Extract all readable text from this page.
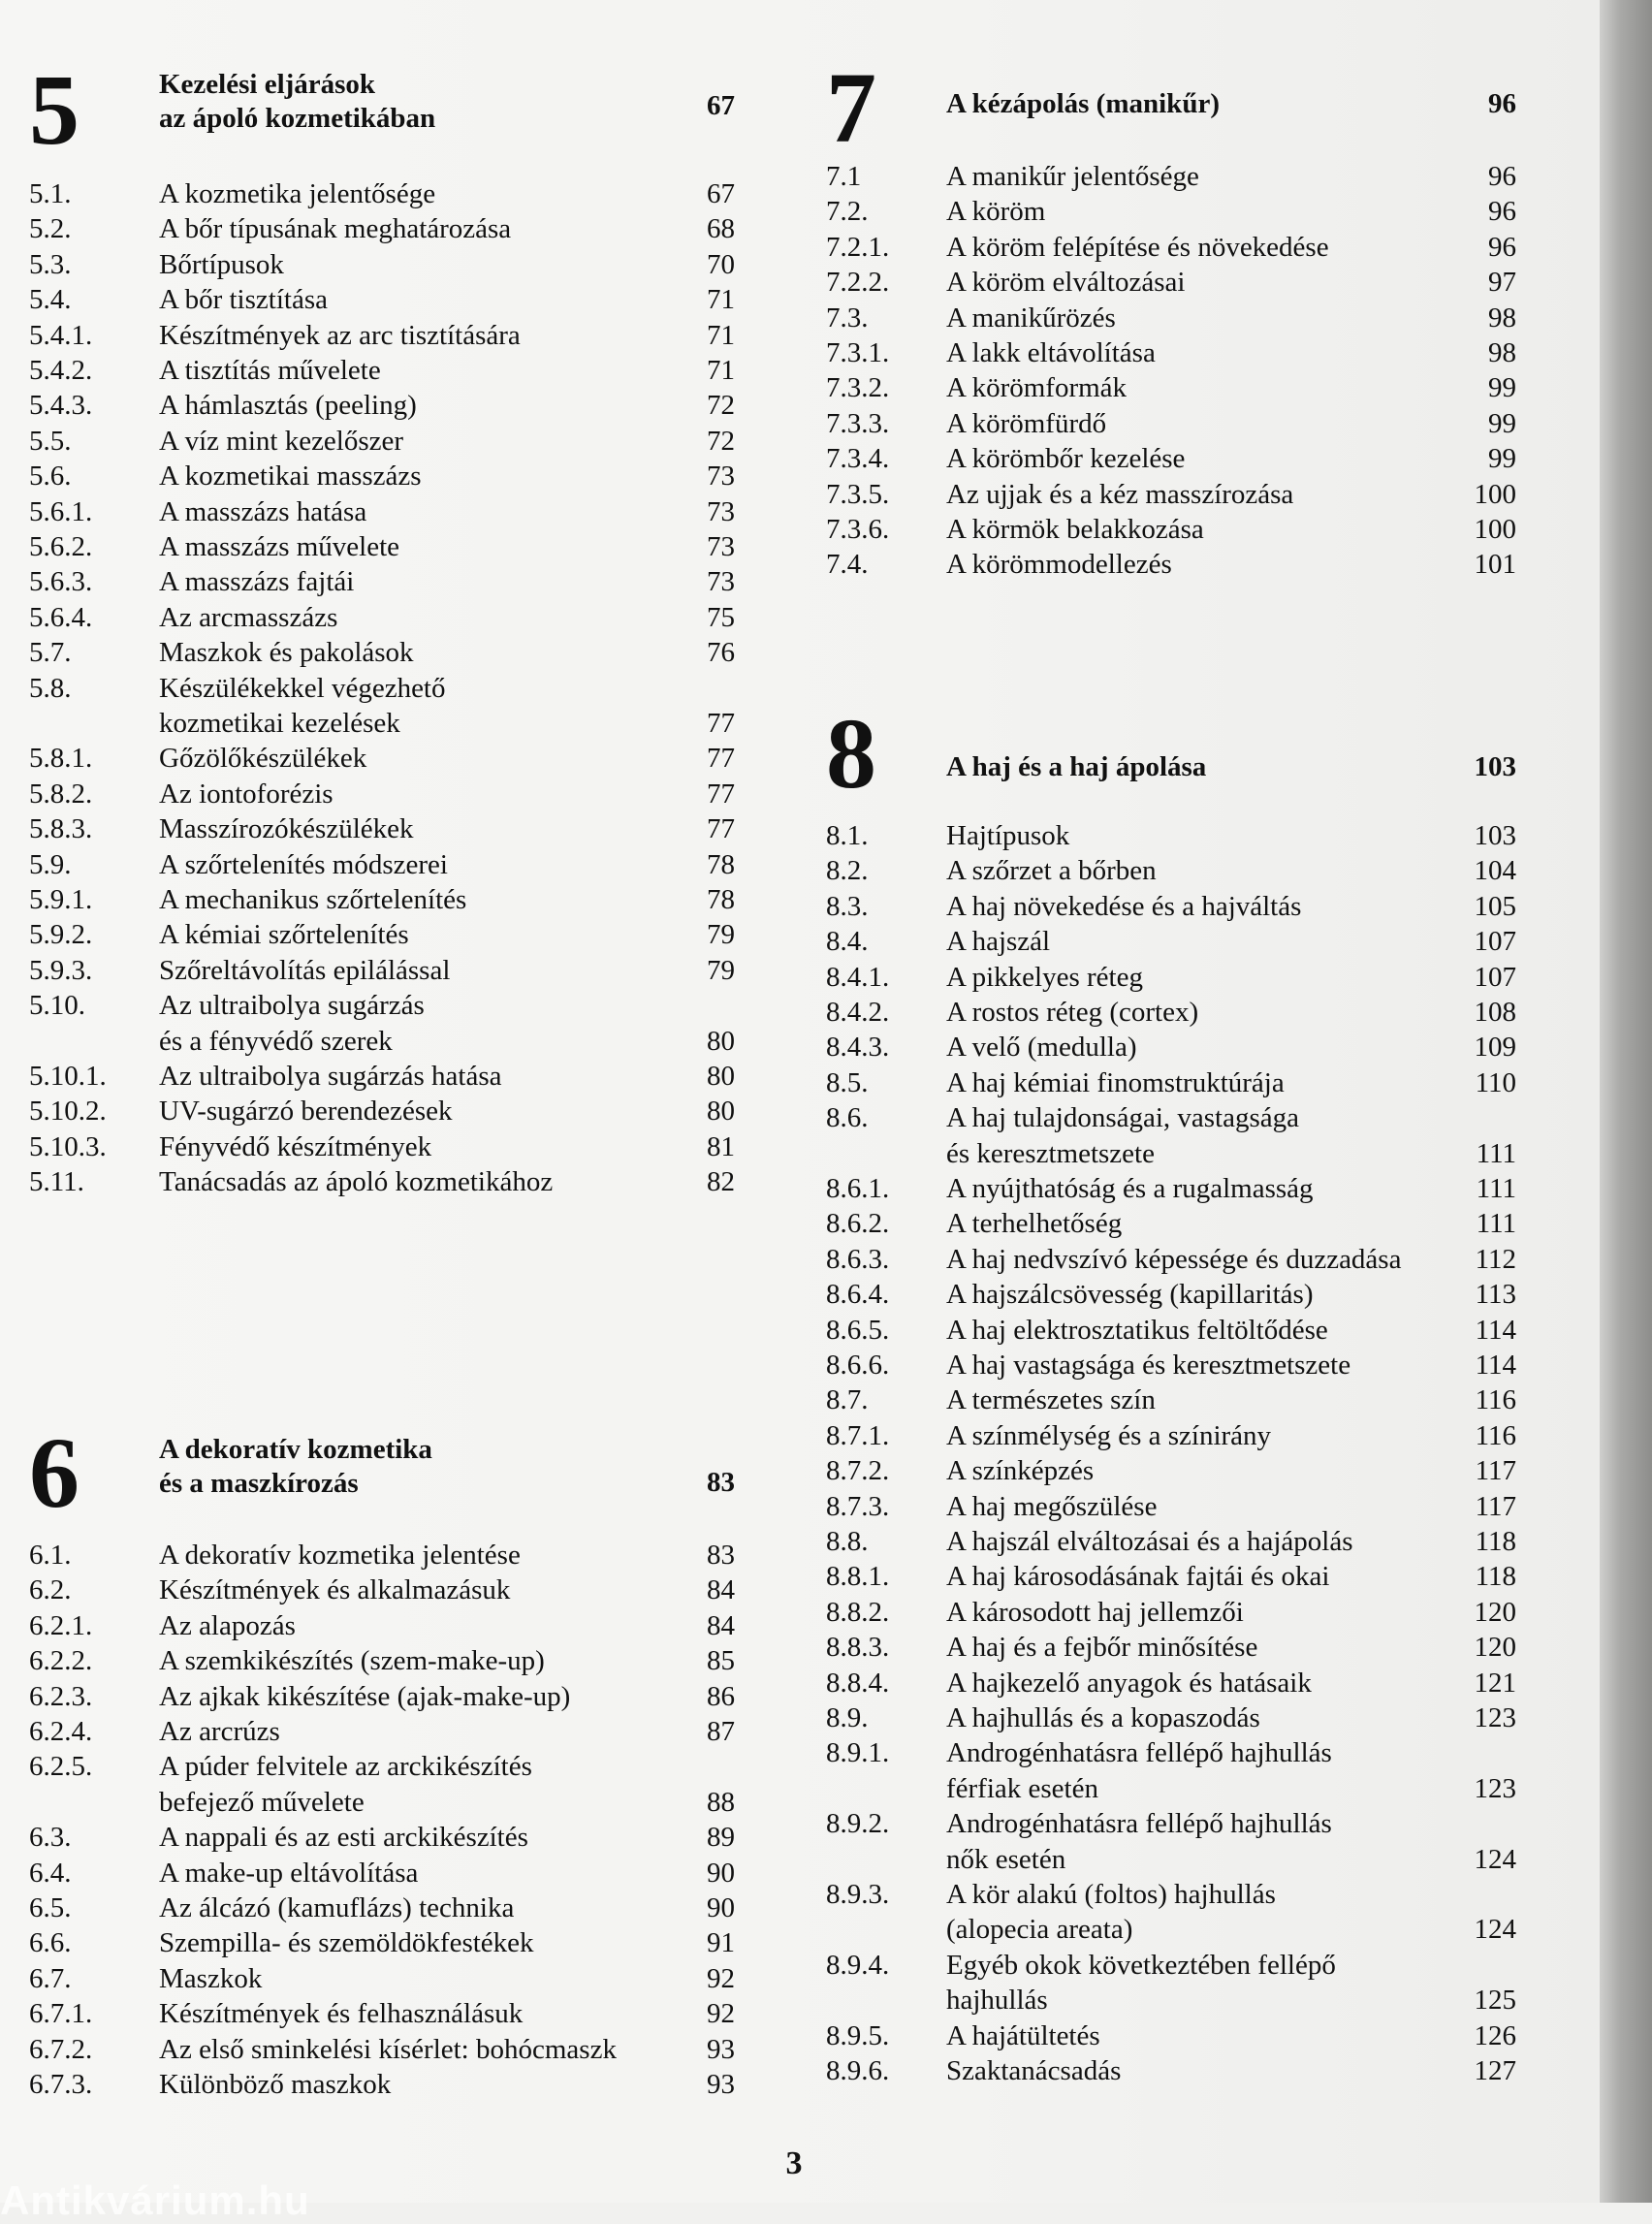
5	Kezelési eljárások
az ápoló kozmetikában	67
5.1.	A kozmetika jelentősége	67
5.2.	A bőr típusának meghatározása	68
5.3.	Bőrtípusok	70
5.4.	A bőr tisztítása	71
5.4.1. Készítmények az arc tisztítására	71
5.4.2. A tisztítás művelete	71
5.4.3. A hámlasztás (peeling)	72
5.5.	A víz mint kezelőszer	72
5.6.	A kozmetikai masszázs	73
5.6.1. A masszázs hatása	73
5.6.2. A masszázs művelete	73
5.6.3. A masszázs fajtái	73
5.6.4. Az arcmasszázs	75
5.7.	Maszkok és pakolások	76
5.8.	Készülékekkel végezhető
kozmetikai kezelések	77
5.8.1. Gőzölőkészülékek	77
5.8.2. Az iontoforézis	77
5.8.3. Masszírozókészülékek	77
5.9.	A szőrtelenítés módszerei	78
5.9.1. A mechanikus szőrtelenítés	78
5.9.2. A kémiai szőrtelenítés	79
5.9.3. Szőreltávolítás epilálással	79
5.10.	Az ultraibolya sugárzás
és a fényvédő szerek	80
5.10.1. Az ultraibolya sugárzás hatása	80
5.10.2. UV-sugárzó berendezések	80
5.10.3. Fényvédő készítmények	81
5.11.	Tanácsadás az ápoló kozmetikához	82
6	A dekoratív kozmetika
és a maszkírozás	83
6.1.	A dekoratív kozmetika jelentése	83
6.2.	Készítmények és alkalmazásuk	84
6.2.1. Az alapozás	84
6.2.2. A szemkikészítés (szem-make-up)	85
6.2.3. Az ajkak kikészítése (ajak-make-up)	86
6.2.4. Az arcrúzs	87
6.2.5. A púder felvitele az arckikészítés
befejező művelete	88
6.3.	A nappali és az esti arckikészítés	89
6.4.	A make-up eltávolítása	90
6.5.	Az álcázó (kamuflázs) technika	90
6.6.	Szempilla- és szemöldökfestékek	91
6.7.	Maszkok	92
6.7.1. Készítmények és felhasználásuk	92
6.7.2. Az első sminkelési kísérlet: bohócmaszk	93
6.7.3. Különböző maszkok	93
7 A kézápolás (manikűr)	96
7.1	A manikűr jelentősége	96
7.2.	A köröm	96
7.2.1. A köröm felépítése és növekedése	96
7.2.2. A köröm elváltozásai	97
7.3.	A manikűrözés	98
7.3.1. A lakk eltávolítása	98
7.3.2. A körömformák	99
7.3.3. A körömfürdő	99
7.3.4. A körömbőr kezelése	99
7.3.5. Az ujjak és a kéz masszírozása	100
7.3.6. A körmök belakkozása	100
7.4.	A körömmodellezés	101
8 A haj és a haj ápolása	103
8.1.	Hajtípusok	103
8.2.	A szőrzet a bőrben	104
8.3.	A haj növekedése és a hajváltás	105
8.4.	A hajszál	107
8.4.1. A pikkelyes réteg	107
8.4.2. A rostos réteg (cortex)	108
8.4.3. A velő (medulla)	109
8.5.	A haj kémiai finomstruktúrája	110
8.6.	A haj tulajdonságai, vastagsága
és keresztmetszete	111
8.6.1. A nyújthatóság és a rugalmasság	111
8.6.2. A terhelhetőség	111
8.6.3. A haj nedvszívó képessége és duzzadása	112
8.6.4. A hajszálcsövesség (kapillaritás)	113
8.6.5. A haj elektrosztatikus feltöltődése	114
8.6.6. A haj vastagsága és keresztmetszete	114
8.7.	A természetes szín	116
8.7.1. A színmélység és a színirány	116
8.7.2. A színképzés	117
8.7.3. A haj megőszülése	117
8.8.	A hajszál elváltozásai és a hajápolás	118
8.8.1. A haj károsodásának fajtái és okai	118
8.8.2. A károsodott haj jellemzői	120
8.8.3. A haj és a fejbőr minősítése	120
8.8.4. A hajkezelő anyagok és hatásaik	121
8.9.	A hajhullás és a kopaszodás	123
8.9.1. Androgénhatásra fellépő hajhullás
férfiak esetén	123
8.9.2. Androgénhatásra fellépő hajhullás
nők esetén	124
8.9.3. A kör alakú (foltos) hajhullás
(alopecia areata)	124
8.9.4. Egyéb okok következtében fellépő
hajhullás	125
8.9.5. A hajátültetés	126
8.9.6. Szaktanácsadás	127
3
Antikvárium.hu
